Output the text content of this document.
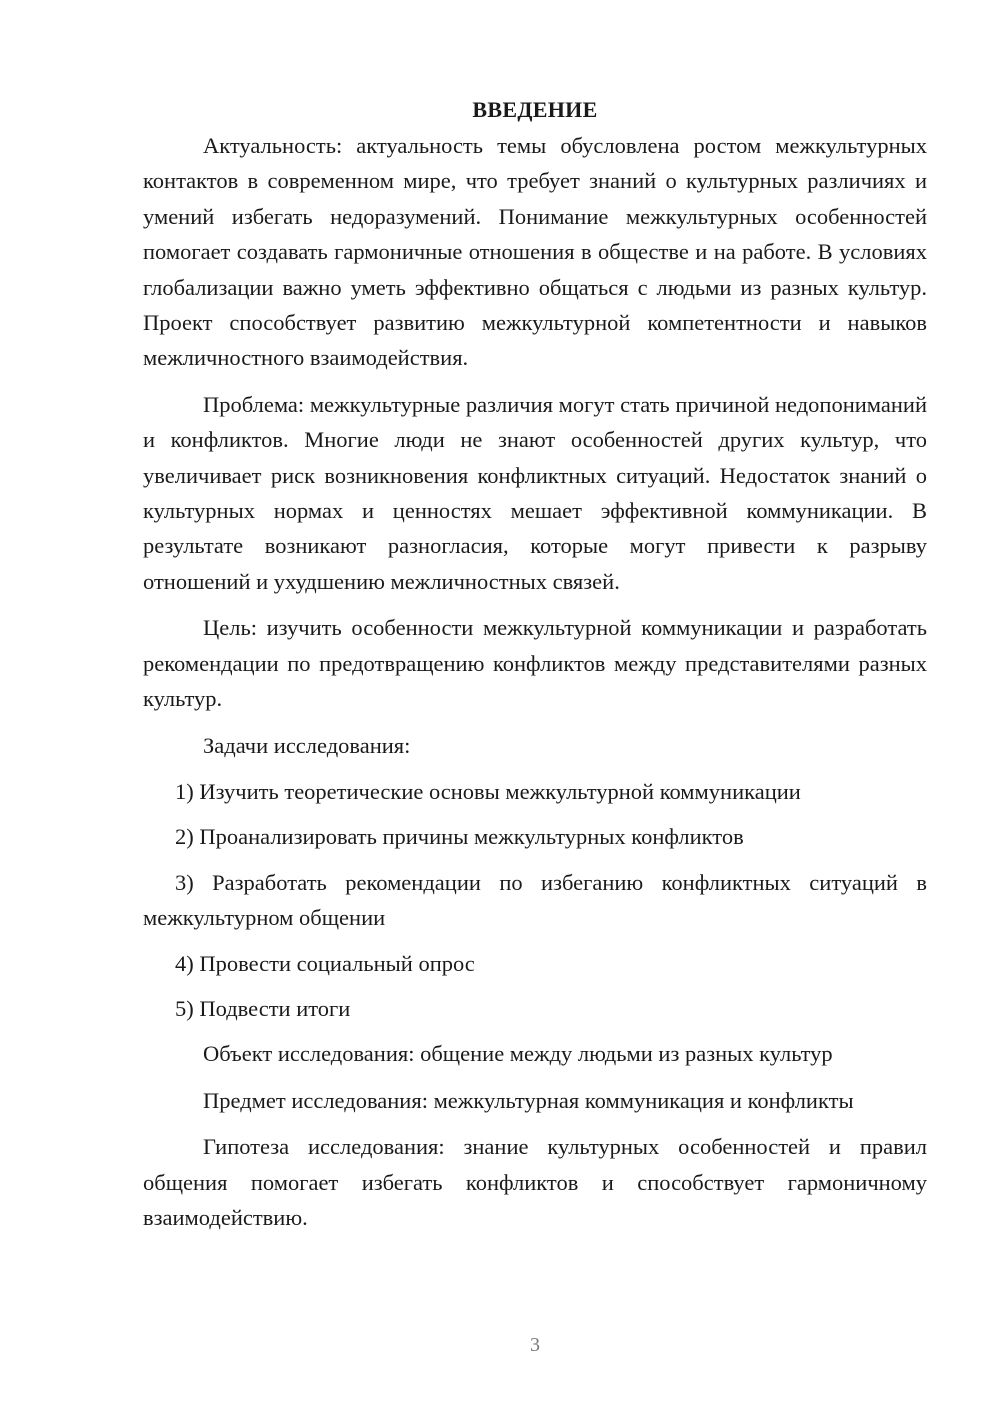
ВВЕДЕНИЕ

Актуальность: актуальность темы обусловлена ростом межкультурных контактов в современном мире, что требует знаний о культурных различиях и умений избегать недоразумений. Понимание межкультурных особенностей помогает создавать гармоничные отношения в обществе и на работе. В условиях глобализации важно уметь эффективно общаться с людьми из разных культур. Проект способствует развитию межкультурной компетентности и навыков межличностного взаимодействия.

Проблема: межкультурные различия могут стать причиной недопониманий и конфликтов. Многие люди не знают особенностей других культур, что увеличивает риск возникновения конфликтных ситуаций. Недостаток знаний о культурных нормах и ценностях мешает эффективной коммуникации. В результате возникают разногласия, которые могут привести к разрыву отношений и ухудшению межличностных связей.

Цель: изучить особенности межкультурной коммуникации и разработать рекомендации по предотвращению конфликтов между представителями разных культур.

Задачи исследования:

1) Изучить теоретические основы межкультурной коммуникации

2) Проанализировать причины межкультурных конфликтов

3) Разработать рекомендации по избеганию конфликтных ситуаций в межкультурном общении

4) Провести социальный опрос

5) Подвести итоги

Объект исследования: общение между людьми из разных культур

Предмет исследования: межкультурная коммуникация и конфликты

Гипотеза исследования: знание культурных особенностей и правил общения помогает избегать конфликтов и способствует гармоничному взаимодействию.

3
